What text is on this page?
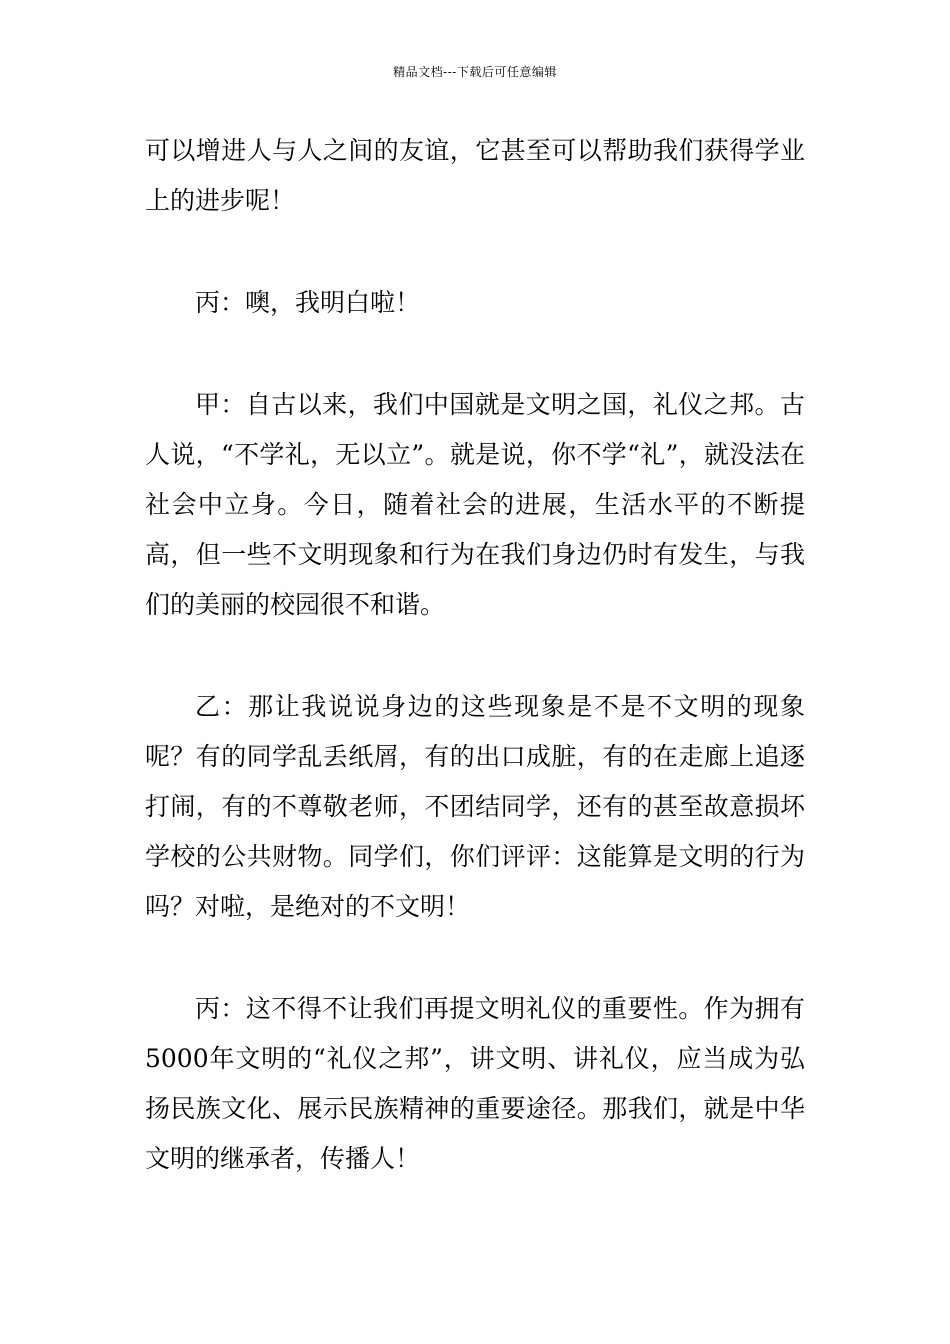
精品文档---下载后可任意编辑

可以增进人与人之间的友谊，它甚至可以帮助我们获得学业上的进步呢！

丙：噢，我明白啦！

甲：自古以来，我们中国就是文明之国，礼仪之邦。古人说，“不学礼，无以立”。就是说，你不学“礼”，就没法在社会中立身。今日，随着社会的进展，生活水平的不断提高，但一些不文明现象和行为在我们身边仍时有发生，与我们的美丽的校园很不和谐。

乙：那让我说说身边的这些现象是不是不文明的现象呢？有的同学乱丢纸屑，有的出口成脏，有的在走廊上追逐打闹，有的不尊敬老师，不团结同学，还有的甚至故意损坏学校的公共财物。同学们，你们评评：这能算是文明的行为吗？对啦，是绝对的不文明！

丙：这不得不让我们再提文明礼仪的重要性。作为拥有5000年文明的“礼仪之邦”，讲文明、讲礼仪，应当成为弘扬民族文化、展示民族精神的重要途径。那我们，就是中华文明的继承者，传播人！
